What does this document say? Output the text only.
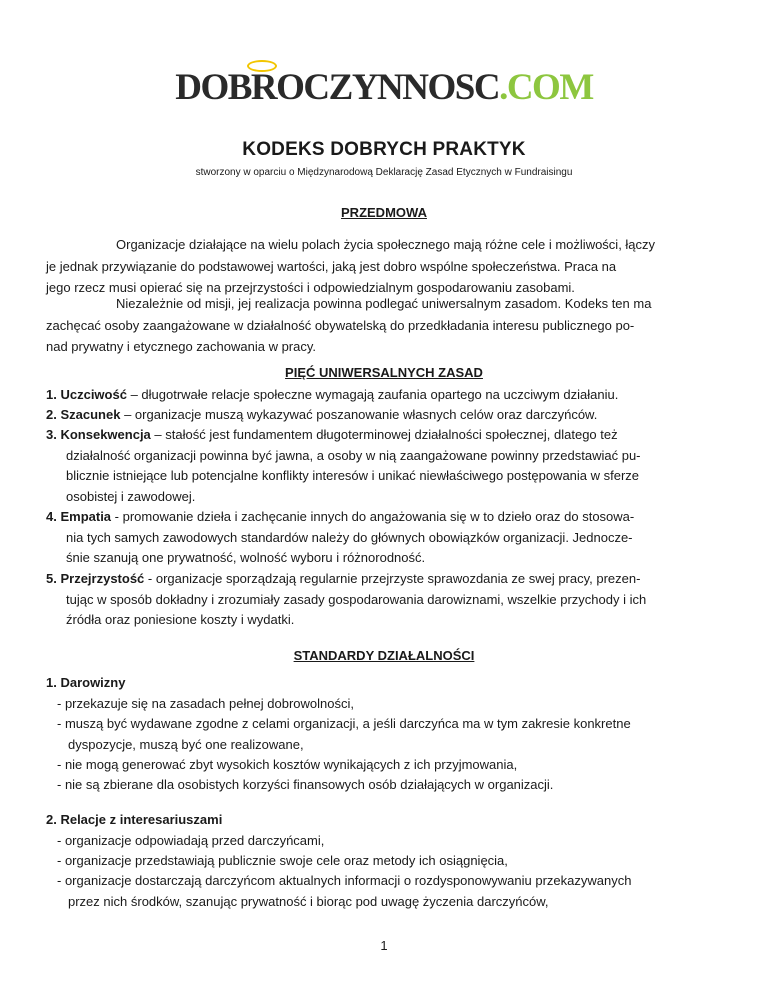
DOBRO
CZYNNOSC.COM
KODEKS DOBRYCH PRAKTYK
stworzony w oparciu o Międzynarodową Deklarację Zasad Etycznych w Fundraisingu
PRZEDMOWA
Organizacje działające na wielu polach życia społecznego mają różne cele i możliwości, łączy
je jednak przywiązanie do podstawowej wartości, jaką jest dobro wspólne społeczeństwa. Praca na
jego rzecz musi opierać się na przejrzystości i odpowiedzialnym gospodarowaniu zasobami.
Niezależnie od misji, jej realizacja powinna podlegać uniwersalnym zasadom. Kodeks ten ma
zachęcać osoby zaangażowane w działalność obywatelską do przedkładania interesu publicznego po-
nad prywatny i etycznego zachowania w pracy.
PIĘĆ UNIWERSALNYCH ZASAD
1. Uczciwość – długotrwałe relacje społeczne wymagają zaufania opartego na uczciwym działaniu.
2. Szacunek – organizacje muszą wykazywać poszanowanie własnych celów oraz darczyńców.
3. Konsekwencja – stałość jest fundamentem długoterminowej działalności społecznej, dlatego też
działalność organizacji powinna być jawna, a osoby w nią zaangażowane powinny przedstawiać pu-
blicznie istniejące lub potencjalne konflikty interesów i unikać niewłaściwego postępowania w sferze
osobistej i zawodowej.
4. Empatia - promowanie dzieła i zachęcanie innych do angażowania się w to dzieło oraz do stosowa-
nia tych samych zawodowych standardów należy do głównych obowiązków organizacji. Jednocze-
śnie szanują one prywatność, wolność wyboru i różnorodność.
5. Przejrzystość - organizacje sporządzają regularnie przejrzyste sprawozdania ze swej pracy, prezen-
tując w sposób dokładny i zrozumiały zasady gospodarowania darowiznami, wszelkie przychody i ich
źródła oraz poniesione koszty i wydatki.
STANDARDY DZIAŁALNOŚCI
1. Darowizny
- przekazuje się na zasadach pełnej dobrowolności,
- muszą być wydawane zgodne z celami organizacji, a jeśli darczyńca ma w tym zakresie konkretne
dyspozycje, muszą być one realizowane,
- nie mogą generować zbyt wysokich kosztów wynikających z ich przyjmowania,
- nie są zbierane dla osobistych korzyści finansowych osób działających w organizacji.
2. Relacje z interesariuszami
- organizacje odpowiadają przed darczyńcami,
- organizacje przedstawiają publicznie swoje cele oraz metody ich osiągnięcia,
- organizacje dostarczają darczyńcom aktualnych informacji o rozdysponowywaniu przekazywanych
przez nich środków, szanując prywatność i biorąc pod uwagę życzenia darczyńców,
1
